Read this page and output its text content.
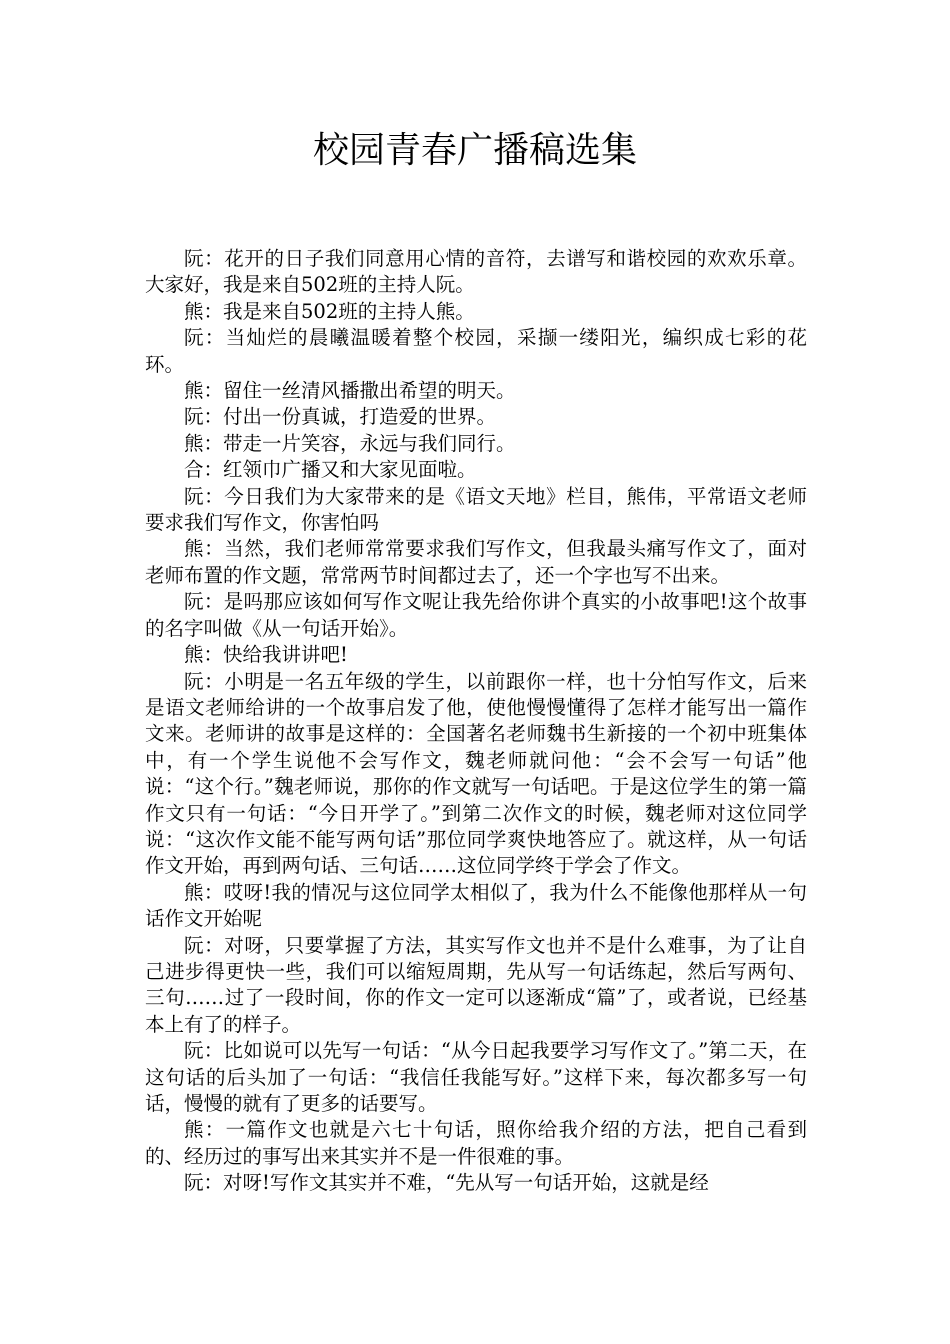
校园青春广播稿选集

阮：花开的日子我们同意用心情的音符，去谱写和谐校园的欢欢乐章。大家好，我是来自502班的主持人阮。

熊：我是来自502班的主持人熊。

阮：当灿烂的晨曦温暖着整个校园，采撷一缕阳光，编织成七彩的花环。

熊：留住一丝清风播撒出希望的明天。

阮：付出一份真诚，打造爱的世界。

熊：带走一片笑容，永远与我们同行。

合：红领巾广播又和大家见面啦。

阮：今日我们为大家带来的是《语文天地》栏目，熊伟，平常语文老师要求我们写作文，你害怕吗

熊：当然，我们老师常常要求我们写作文，但我最头痛写作文了，面对老师布置的作文题，常常两节时间都过去了，还一个字也写不出来。

阮：是吗那应该如何写作文呢让我先给你讲个真实的小故事吧!这个故事的名字叫做《从一句话开始》。

熊：快给我讲讲吧!

阮：小明是一名五年级的学生，以前跟你一样，也十分怕写作文，后来是语文老师给讲的一个故事启发了他，使他慢慢懂得了怎样才能写出一篇作文来。老师讲的故事是这样的：全国著名老师魏书生新接的一个初中班集体中，有一个学生说他不会写作文，魏老师就问他：“会不会写一句话”他说：“这个行。”魏老师说，那你的作文就写一句话吧。于是这位学生的第一篇作文只有一句话：“今日开学了。”到第二次作文的时候，魏老师对这位同学说：“这次作文能不能写两句话”那位同学爽快地答应了。就这样，从一句话作文开始，再到两句话、三句话……这位同学终于学会了作文。

熊：哎呀!我的情况与这位同学太相似了，我为什么不能像他那样从一句话作文开始呢

阮：对呀，只要掌握了方法，其实写作文也并不是什么难事，为了让自己进步得更快一些，我们可以缩短周期，先从写一句话练起，然后写两句、三句……过了一段时间，你的作文一定可以逐渐成“篇”了，或者说，已经基本上有了的样子。

阮：比如说可以先写一句话：“从今日起我要学习写作文了。”第二天，在这句话的后头加了一句话：“我信任我能写好。”这样下来，每次都多写一句话，慢慢的就有了更多的话要写。

熊：一篇作文也就是六七十句话，照你给我介绍的方法，把自己看到的、经历过的事写出来其实并不是一件很难的事。

阮：对呀!写作文其实并不难，“先从写一句话开始，这就是经
